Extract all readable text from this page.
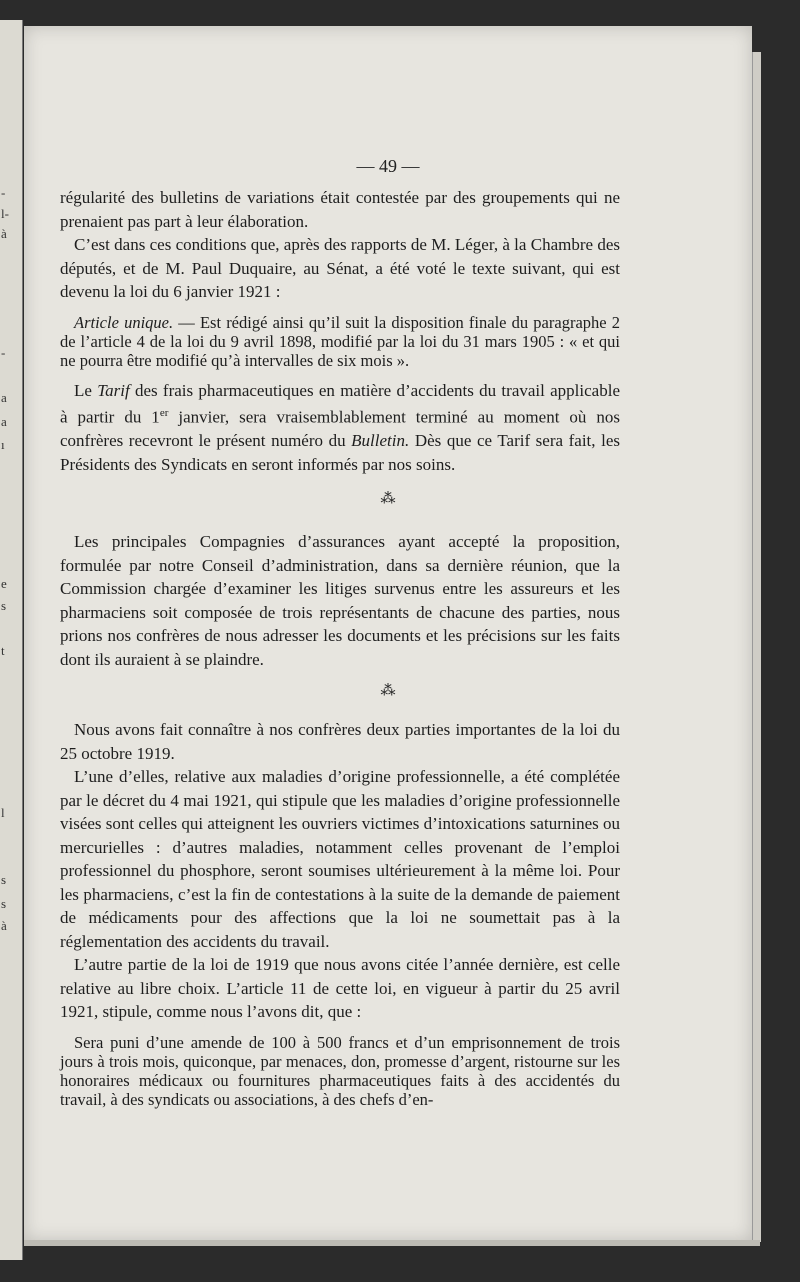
-
l-
à
-
a
a
ı
e
s
t
l
s
s
à
— 49 —

régularité des bulletins de variations était contestée par des groupements qui ne prenaient pas part à leur élaboration.

C’est dans ces conditions que, après des rapports de M. Léger, à la Chambre des députés, et de M. Paul Duquaire, au Sénat, a été voté le texte suivant, qui est devenu la loi du 6 janvier 1921 :

Article unique. — Est rédigé ainsi qu’il suit la disposition finale du paragraphe 2 de l’article 4 de la loi du 9 avril 1898, modifié par la loi du 31 mars 1905 : « et qui ne pourra être modifié qu’à intervalles de six mois ».

Le Tarif des frais pharmaceutiques en matière d’accidents du travail applicable à partir du 1er janvier, sera vraisemblablement terminé au moment où nos confrères recevront le présent numéro du Bulletin. Dès que ce Tarif sera fait, les Présidents des Syndicats en seront informés par nos soins.

⁂

Les principales Compagnies d’assurances ayant accepté la proposition, formulée par notre Conseil d’administration, dans sa dernière réunion, que la Commission chargée d’examiner les litiges survenus entre les assureurs et les pharmaciens soit composée de trois représentants de chacune des parties, nous prions nos confrères de nous adresser les documents et les précisions sur les faits dont ils auraient à se plaindre.

⁂

Nous avons fait connaître à nos confrères deux parties importantes de la loi du 25 octobre 1919.

L’une d’elles, relative aux maladies d’origine professionnelle, a été complétée par le décret du 4 mai 1921, qui stipule que les maladies d’origine professionnelle visées sont celles qui atteignent les ouvriers victimes d’intoxications saturnines ou mercurielles : d’autres maladies, notamment celles provenant de l’emploi professionnel du phosphore, seront soumises ultérieurement à la même loi. Pour les pharmaciens, c’est la fin de contestations à la suite de la demande de paiement de médicaments pour des affections que la loi ne soumettait pas à la réglementation des accidents du travail.

L’autre partie de la loi de 1919 que nous avons citée l’année dernière, est celle relative au libre choix. L’article 11 de cette loi, en vigueur à partir du 25 avril 1921, stipule, comme nous l’avons dit, que :

Sera puni d’une amende de 100 à 500 francs et d’un emprisonnement de trois jours à trois mois, quiconque, par menaces, don, promesse d’argent, ristourne sur les honoraires médicaux ou fournitures pharmaceutiques faits à des accidentés du travail, à des syndicats ou associations, à des chefs d’en-
